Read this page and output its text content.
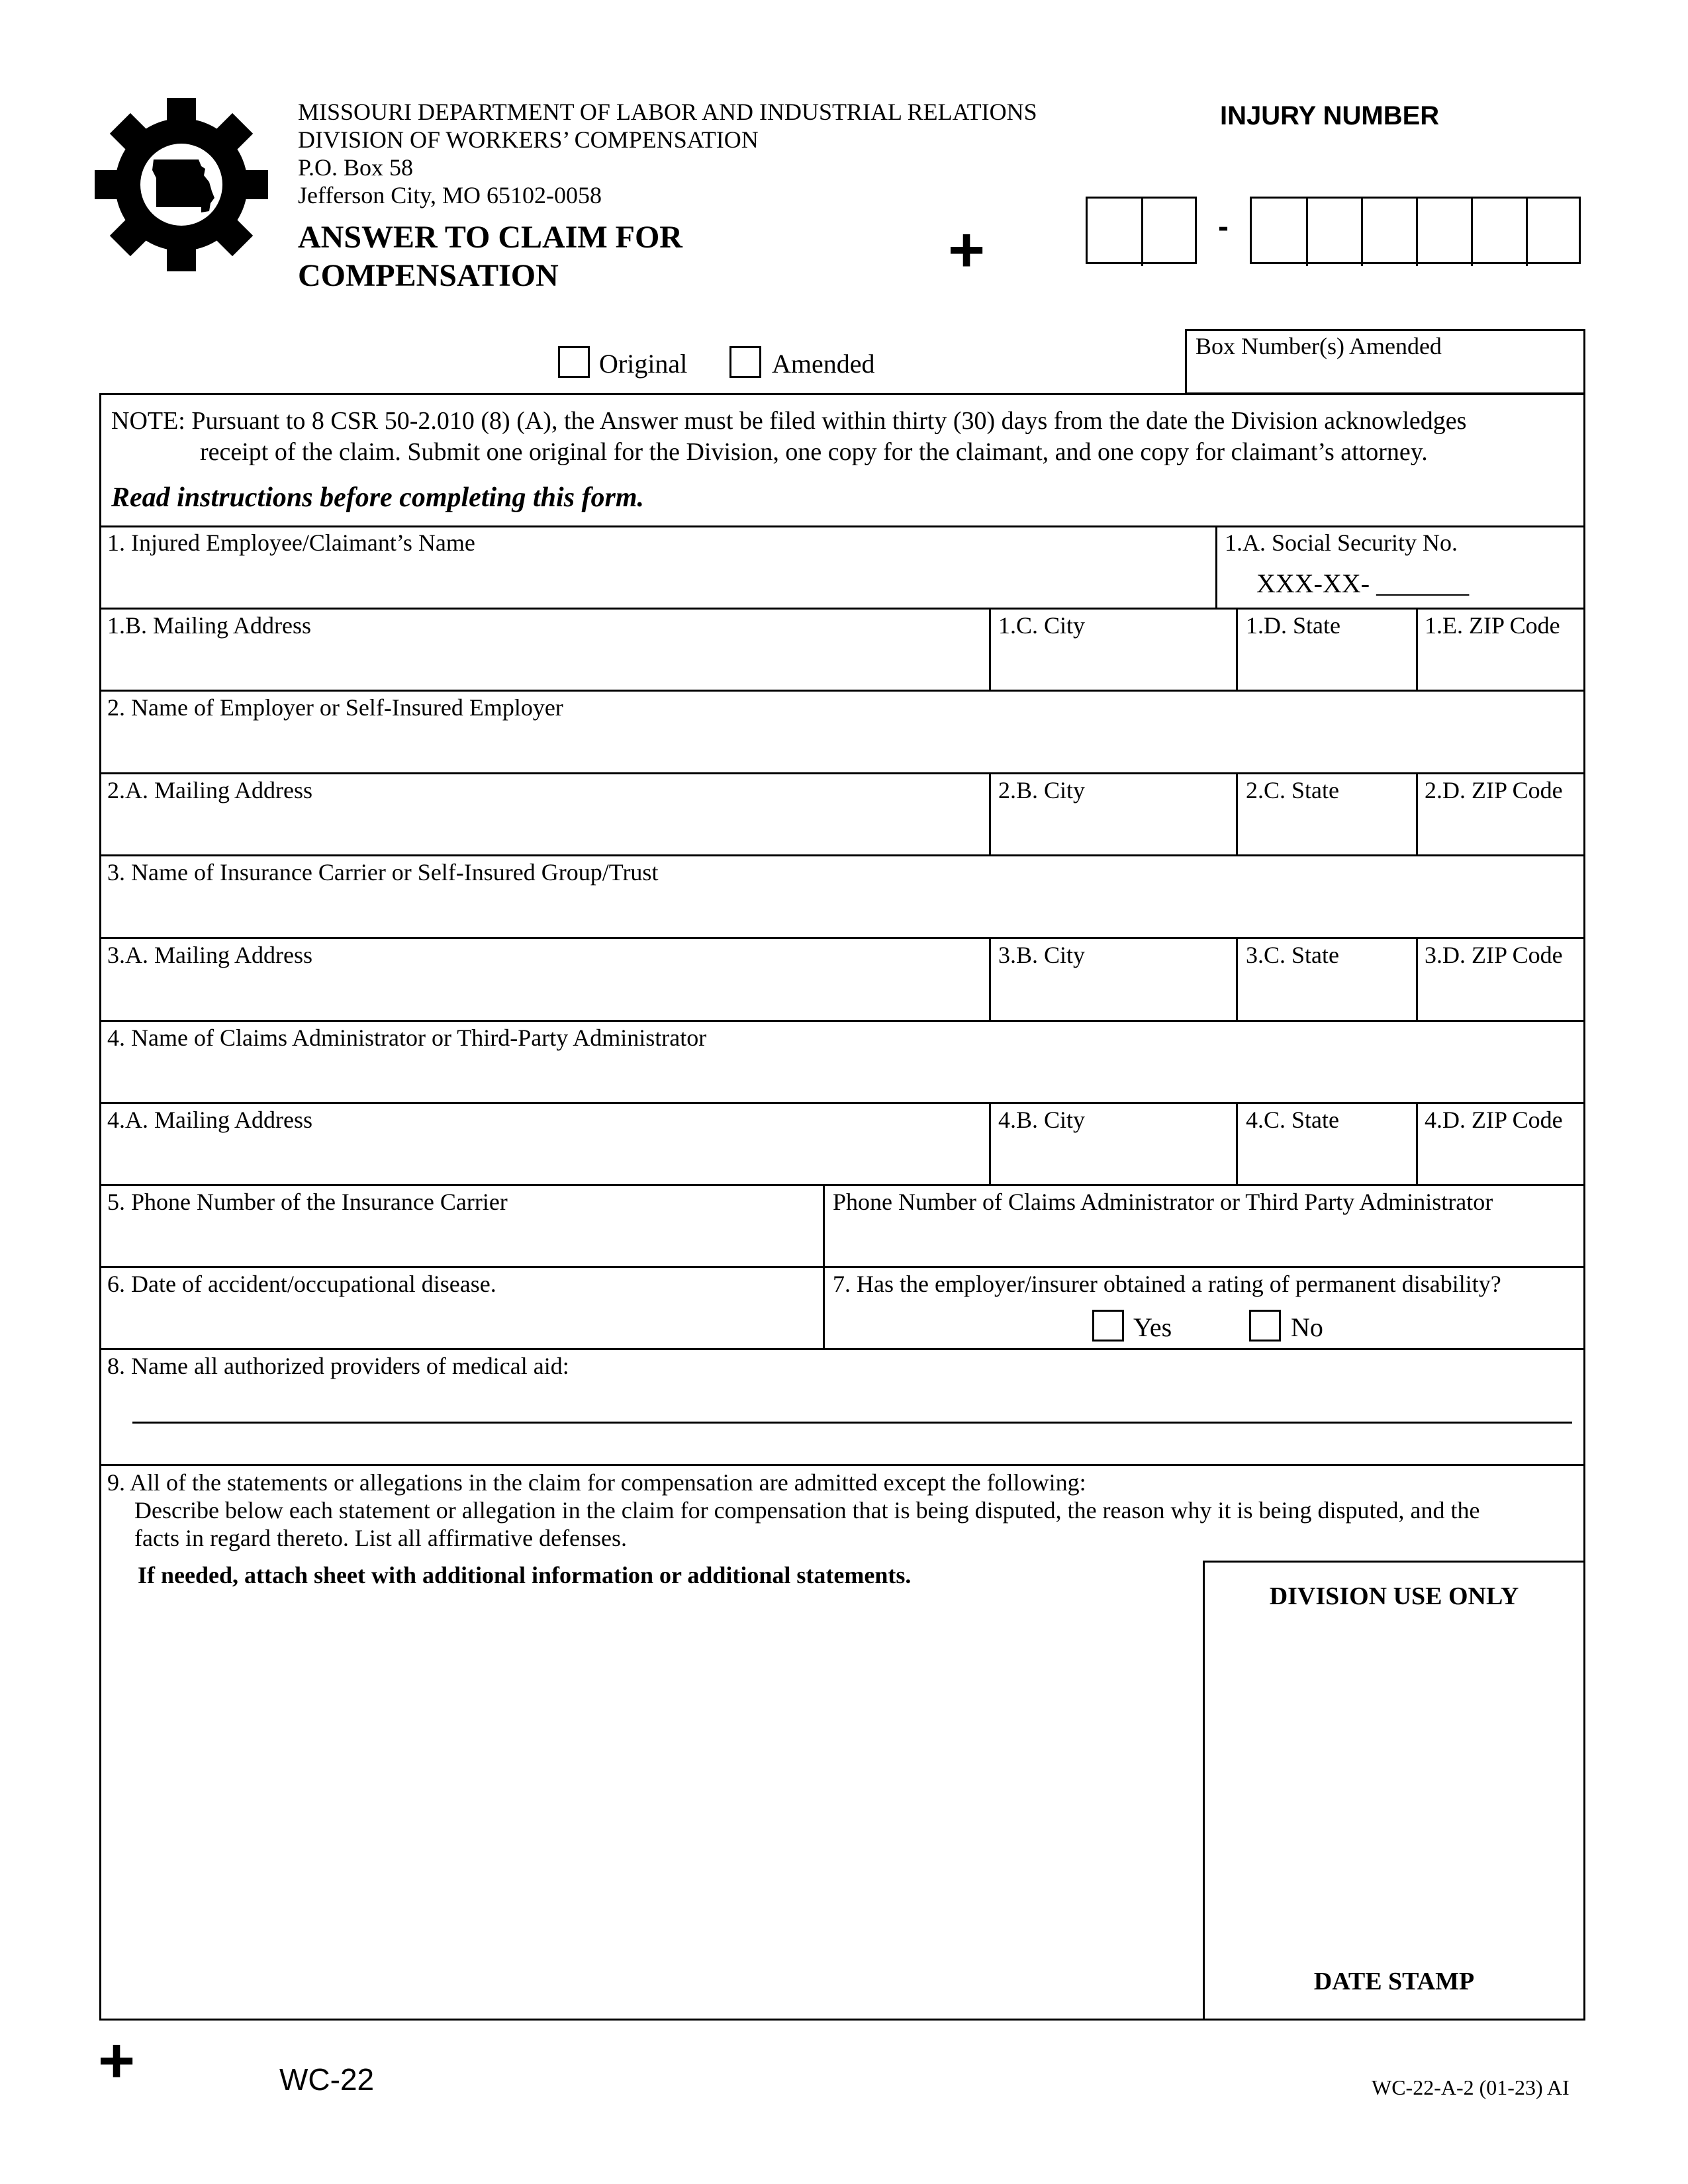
MISSOURI DEPARTMENT OF LABOR AND INDUSTRIAL RELATIONS
DIVISION OF WORKERS’ COMPENSATION
P.O. Box 58
Jefferson City, MO 65102-0058
ANSWER TO CLAIM FOR
COMPENSATION	+
INJURY NUMBER
-
Original	Amended
Box Number(s) Amended
NOTE: Pursuant to 8 CSR 50-2.010 (8) (A), the Answer must be filed within thirty (30) days from the date the Division acknowledges
receipt of the claim. Submit one original for the Division, one copy for the claimant, and one copy for claimant’s attorney.
Read instructions before completing this form.
1. Injured Employee/Claimant’s Name	1.A. Social Security No.
XXX-XX- _______
1.B. Mailing Address	1.C. City	1.D. State	1.E. ZIP Code
2. Name of Employer or Self-Insured Employer
2.A. Mailing Address	2.B. City	2.C. State	2.D. ZIP Code
3. Name of Insurance Carrier or Self-Insured Group/Trust
3.A. Mailing Address	3.B. City	3.C. State	3.D. ZIP Code
4. Name of Claims Administrator or Third-Party Administrator
4.A. Mailing Address	4.B. City	4.C. State	4.D. ZIP Code
5. Phone Number of the Insurance Carrier	Phone Number of Claims Administrator or Third Party Administrator
6. Date of accident/occupational disease.	7. Has the employer/insurer obtained a rating of permanent disability?
Yes	No
8. Name all authorized providers of medical aid:
9. All of the statements or allegations in the claim for compensation are admitted except the following:
Describe below each statement or allegation in the claim for compensation that is being disputed, the reason why it is being disputed, and the
facts in regard thereto. List all affirmative defenses.
If needed, attach sheet with additional information or additional statements.
DIVISION USE ONLY
DATE STAMP
+	WC-22	WC-22-A-2 (01-23) AI
